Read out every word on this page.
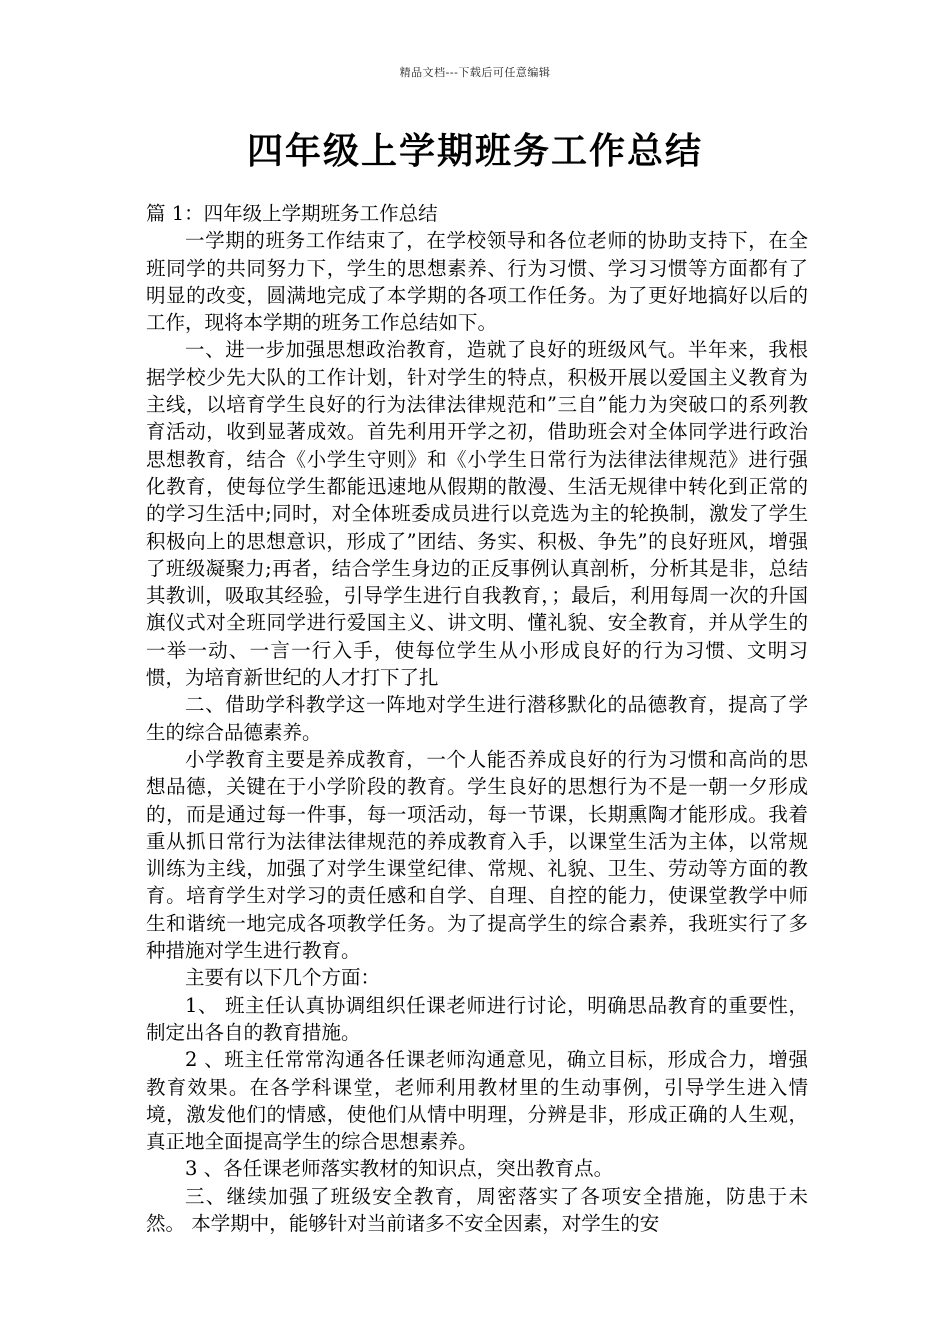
精品文档---下载后可任意编辑
四年级上学期班务工作总结

篇 1：四年级上学期班务工作总结

一学期的班务工作结束了，在学校领导和各位老师的协助支持下，在全班同学的共同努力下，学生的思想素养、行为习惯、学习习惯等方面都有了明显的改变，圆满地完成了本学期的各项工作任务。为了更好地搞好以后的工作，现将本学期的班务工作总结如下。

一、进一步加强思想政治教育，造就了良好的班级风气。半年来，我根据学校少先大队的工作计划，针对学生的特点，积极开展以爱国主义教育为主线，以培育学生良好的行为法律法律规范和”三自”能力为突破口的系列教育活动，收到显著成效。首先利用开学之初，借助班会对全体同学进行政治思想教育，结合《小学生守则》和《小学生日常行为法律法律规范》进行强化教育，使每位学生都能迅速地从假期的散漫、生活无规律中转化到正常的的学习生活中;同时，对全体班委成员进行以竞选为主的轮换制，激发了学生积极向上的思想意识，形成了”团结、务实、积极、争先”的良好班风，增强了班级凝聚力;再者，结合学生身边的正反事例认真剖析，分析其是非，总结其教训，吸取其经验，引导学生进行自我教育，；最后，利用每周一次的升国旗仪式对全班同学进行爱国主义、讲文明、懂礼貌、安全教育，并从学生的一举一动、一言一行入手，使每位学生从小形成良好的行为习惯、文明习惯，为培育新世纪的人才打下了扎

二、借助学科教学这一阵地对学生进行潜移默化的品德教育，提高了学生的综合品德素养。

小学教育主要是养成教育，一个人能否养成良好的行为习惯和高尚的思想品德，关键在于小学阶段的教育。学生良好的思想行为不是一朝一夕形成的，而是通过每一件事，每一项活动，每一节课，长期熏陶才能形成。我着重从抓日常行为法律法律规范的养成教育入手，以课堂生活为主体，以常规训练为主线，加强了对学生课堂纪律、常规、礼貌、卫生、劳动等方面的教育。培育学生对学习的责任感和自学、自理、自控的能力，使课堂教学中师生和谐统一地完成各项教学任务。为了提高学生的综合素养，我班实行了多种措施对学生进行教育。

主要有以下几个方面：

1、 班主任认真协调组织任课老师进行讨论，明确思品教育的重要性，制定出各自的教育措施。

2 、班主任常常沟通各任课老师沟通意见，确立目标，形成合力，增强教育效果。在各学科课堂，老师利用教材里的生动事例，引导学生进入情境，激发他们的情感，使他们从情中明理，分辨是非，形成正确的人生观，真正地全面提高学生的综合思想素养。

3 、各任课老师落实教材的知识点，突出教育点。

三、继续加强了班级安全教育，周密落实了各项安全措施，防患于未然。 本学期中，能够针对当前诸多不安全因素，对学生的安
